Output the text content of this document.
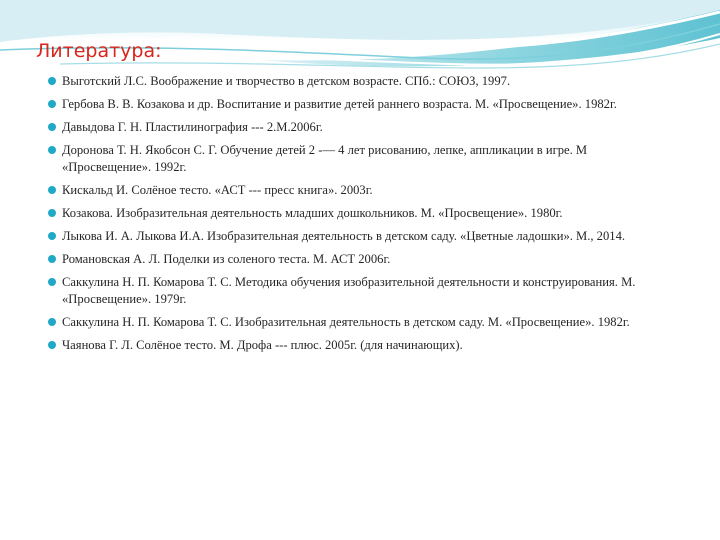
Литература:
Выготский Л.С. Воображение и творчество в детском возрасте. СПб.: СОЮЗ, 1997.
Гербова В. В. Козакова и др. Воспитание и развитие детей раннего возраста. М. «Просвещение». 1982г.
Давыдова Г. Н. Пластилинография --- 2.М.2006г.
Доронова Т. Н. Якобсон С. Г. Обучение детей 2 -— 4 лет рисованию, лепке, аппликации в игре. М «Просвещение». 1992г.
Кискальд И. Солёное тесто. «АСТ --- пресс книга». 2003г.
Козакова. Изобразительная деятельность младших дошкольников. М. «Просвещение». 1980г.
Лыкова И. А. Лыкова И.А. Изобразительная деятельность в детском саду. «Цветные ладошки». М., 2014.
Романовская А. Л. Поделки из соленого теста. М. АСТ 2006г.
Саккулина Н. П. Комарова Т. С. Методика обучения изобразительной деятельности и конструирования. М. «Просвещение». 1979г.
Саккулина Н. П. Комарова Т. С. Изобразительная деятельность в детском саду. М. «Просвещение». 1982г.
Чаянова Г. Л. Солёное тесто. М. Дрофа --- плюс. 2005г. (для начинающих).
